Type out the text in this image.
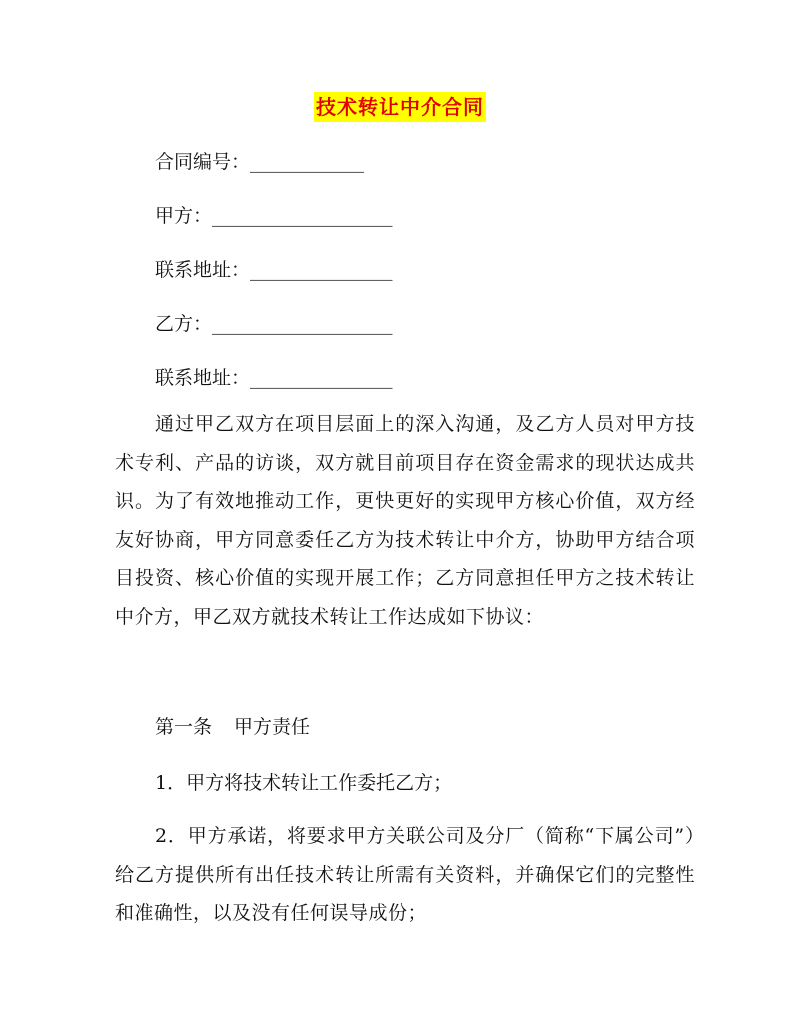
技术转让中介合同
合同编号：____________
甲方：___________________
联系地址：_______________
乙方：___________________
联系地址：_______________

通过甲乙双方在项目层面上的深入沟通，及乙方人员对甲方技术专利、产品的访谈，双方就目前项目存在资金需求的现状达成共识。为了有效地推动工作，更快更好的实现甲方核心价值，双方经友好协商，甲方同意委任乙方为技术转让中介方，协助甲方结合项目投资、核心价值的实现开展工作；乙方同意担任甲方之技术转让中介方，甲乙双方就技术转让工作达成如下协议：

第一条 甲方责任
1．甲方将技术转让工作委托乙方；

2．甲方承诺，将要求甲方关联公司及分厂（简称“下属公司”）给乙方提供所有出任技术转让所需有关资料，并确保它们的完整性和准确性，以及没有任何误导成份；
